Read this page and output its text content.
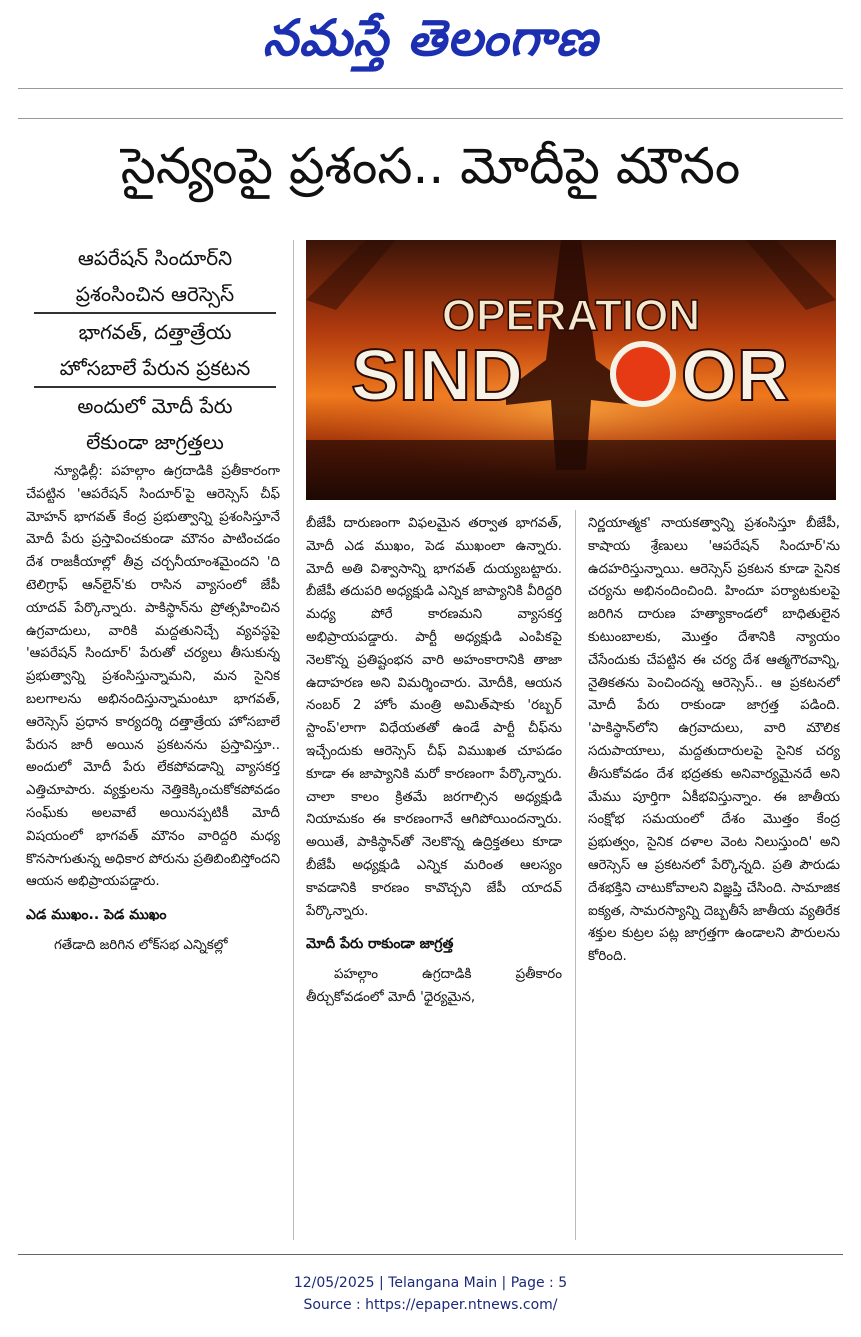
నమస్తే తెలంగాణ
సైన్యంపై ప్రశంస.. మోదీపై మౌనం
ఆపరేషన్ సిందూర్‌ని
ప్రశంసించిన ఆరెస్సెస్
భాగవత్, దత్తాత్రేయ
హోసబాలే పేరున ప్రకటన
అందులో మోదీ పేరు
లేకుండా జాగ్రత్తలు
OPERATION
SIND OR

న్యూఢిల్లీ: పహల్గాం ఉగ్రదాడికి ప్రతీకారంగా చేపట్టిన 'ఆపరేషన్ సిందూర్'పై ఆరెస్సెస్ చీఫ్ మోహన్ భాగవత్ కేంద్ర ప్రభుత్వాన్ని ప్రశంసిస్తూనే మోదీ పేరు ప్రస్తావించకుండా మౌనం పాటించడం దేశ రాజకీయాల్లో తీవ్ర చర్చనీయాంశమైందని 'ది టెలిగ్రాఫ్ ఆన్‌లైన్'కు రాసిన వ్యాసంలో జేపీ యాదవ్ పేర్కొన్నారు. పాకిస్థాన్‌ను ప్రోత్సహించిన ఉగ్రవాదులు, వారికి మద్దతునిచ్చే వ్యవస్థపై 'ఆపరేషన్ సిందూర్' పేరుతో చర్యలు తీసుకున్న ప్రభుత్వాన్ని ప్రశంసిస్తున్నామని, మన సైనిక బలగాలను అభినందిస్తున్నామంటూ భాగవత్, ఆరెస్సెస్ ప్రధాన కార్యదర్శి దత్తాత్రేయ హోసబాలే పేరున జారీ అయిన ప్రకటనను ప్రస్తావిస్తూ.. అందులో మోదీ పేరు లేకపోవడాన్ని వ్యాసకర్త ఎత్తిచూపారు. వ్యక్తులను నెత్తికెక్కించుకోకపోవడం సంఘ్‌కు అలవాటే అయినప్పటికీ మోదీ విషయంలో భాగవత్ మౌనం వారిద్దరి మధ్య కొనసాగుతున్న అధికార పోరును ప్రతిబింబిస్తోందని ఆయన అభిప్రాయపడ్డారు.

ఎడ ముఖం.. పెడ ముఖం

గతేడాది జరిగిన లోక్‌సభ ఎన్నికల్లో

బీజేపీ దారుణంగా విఫలమైన తర్వాత భాగవత్, మోదీ ఎడ ముఖం, పెడ ముఖంలా ఉన్నారు. మోదీ అతి విశ్వాసాన్ని భాగవత్ దుయ్యబట్టారు. బీజేపీ తదుపరి అధ్యక్షుడి ఎన్నిక జాప్యానికి వీరిద్దరి మధ్య పోరే కారణమని వ్యాసకర్త అభిప్రాయపడ్డారు. పార్టీ అధ్యక్షుడి ఎంపికపై నెలకొన్న ప్రతిష్టంభన వారి అహంకారానికి తాజా ఉదాహరణ అని విమర్శించారు. మోదీకి, ఆయన నంబర్ 2 హోం మంత్రి అమిత్‌షాకు 'రబ్బర్ స్టాంప్'లాగా విధేయతతో ఉండే పార్టీ చీఫ్‌ను ఇచ్చేందుకు ఆరెస్సెస్ చీఫ్ విముఖత చూపడం కూడా ఈ జాప్యానికి మరో కారణంగా పేర్కొన్నారు. చాలా కాలం క్రితమే జరగాల్సిన అధ్యక్షుడి నియామకం ఈ కారణంగానే ఆగిపోయిందన్నారు. అయితే, పాకిస్థాన్‌తో నెలకొన్న ఉద్రిక్తతలు కూడా బీజేపీ అధ్యక్షుడి ఎన్నిక మరింత ఆలస్యం కావడానికి కారణం కావొచ్చని జేపీ యాదవ్ పేర్కొన్నారు.

మోదీ పేరు రాకుండా జాగ్రత్త

పహల్గాం ఉగ్రదాడికి ప్రతీకారం తీర్చుకోవడంలో మోదీ 'ధైర్యమైన,

నిర్ణయాత్మక' నాయకత్వాన్ని ప్రశంసిస్తూ బీజేపీ, కాషాయ శ్రేణులు 'ఆపరేషన్ సిందూర్'ను ఉదహరిస్తున్నాయి. ఆరెస్సెస్ ప్రకటన కూడా సైనిక చర్యను అభినందించింది. హిందూ పర్యాటకులపై జరిగిన దారుణ హత్యాకాండలో బాధితులైన కుటుంబాలకు, మొత్తం దేశానికి న్యాయం చేసేందుకు చేపట్టిన ఈ చర్య దేశ ఆత్మగౌరవాన్ని, నైతికతను పెంచిందన్న ఆరెస్సెస్.. ఆ ప్రకటనలో మోదీ పేరు రాకుండా జాగ్రత్త పడింది. 'పాకిస్థాన్‌లోని ఉగ్రవాదులు, వారి మౌలిక సదుపాయాలు, మద్దతుదారులపై సైనిక చర్య తీసుకోవడం దేశ భద్రతకు అనివార్యమైనదే అని మేము పూర్తిగా ఏకీభవిస్తున్నాం. ఈ జాతీయ సంక్షోభ సమయంలో దేశం మొత్తం కేంద్ర ప్రభుత్వం, సైనిక దళాల వెంట నిలుస్తుంది' అని ఆరెస్సెస్ ఆ ప్రకటనలో పేర్కొన్నది. ప్రతి పౌరుడు దేశభక్తిని చాటుకోవాలని విజ్ఞప్తి చేసింది. సామాజిక ఐక్యత, సామరస్యాన్ని దెబ్బతీసే జాతీయ వ్యతిరేక శక్తుల కుట్రల పట్ల జాగ్రత్తగా ఉండాలని పౌరులను కోరింది.

12/05/2025 | Telangana Main | Page : 5
Source : https://epaper.ntnews.com/
